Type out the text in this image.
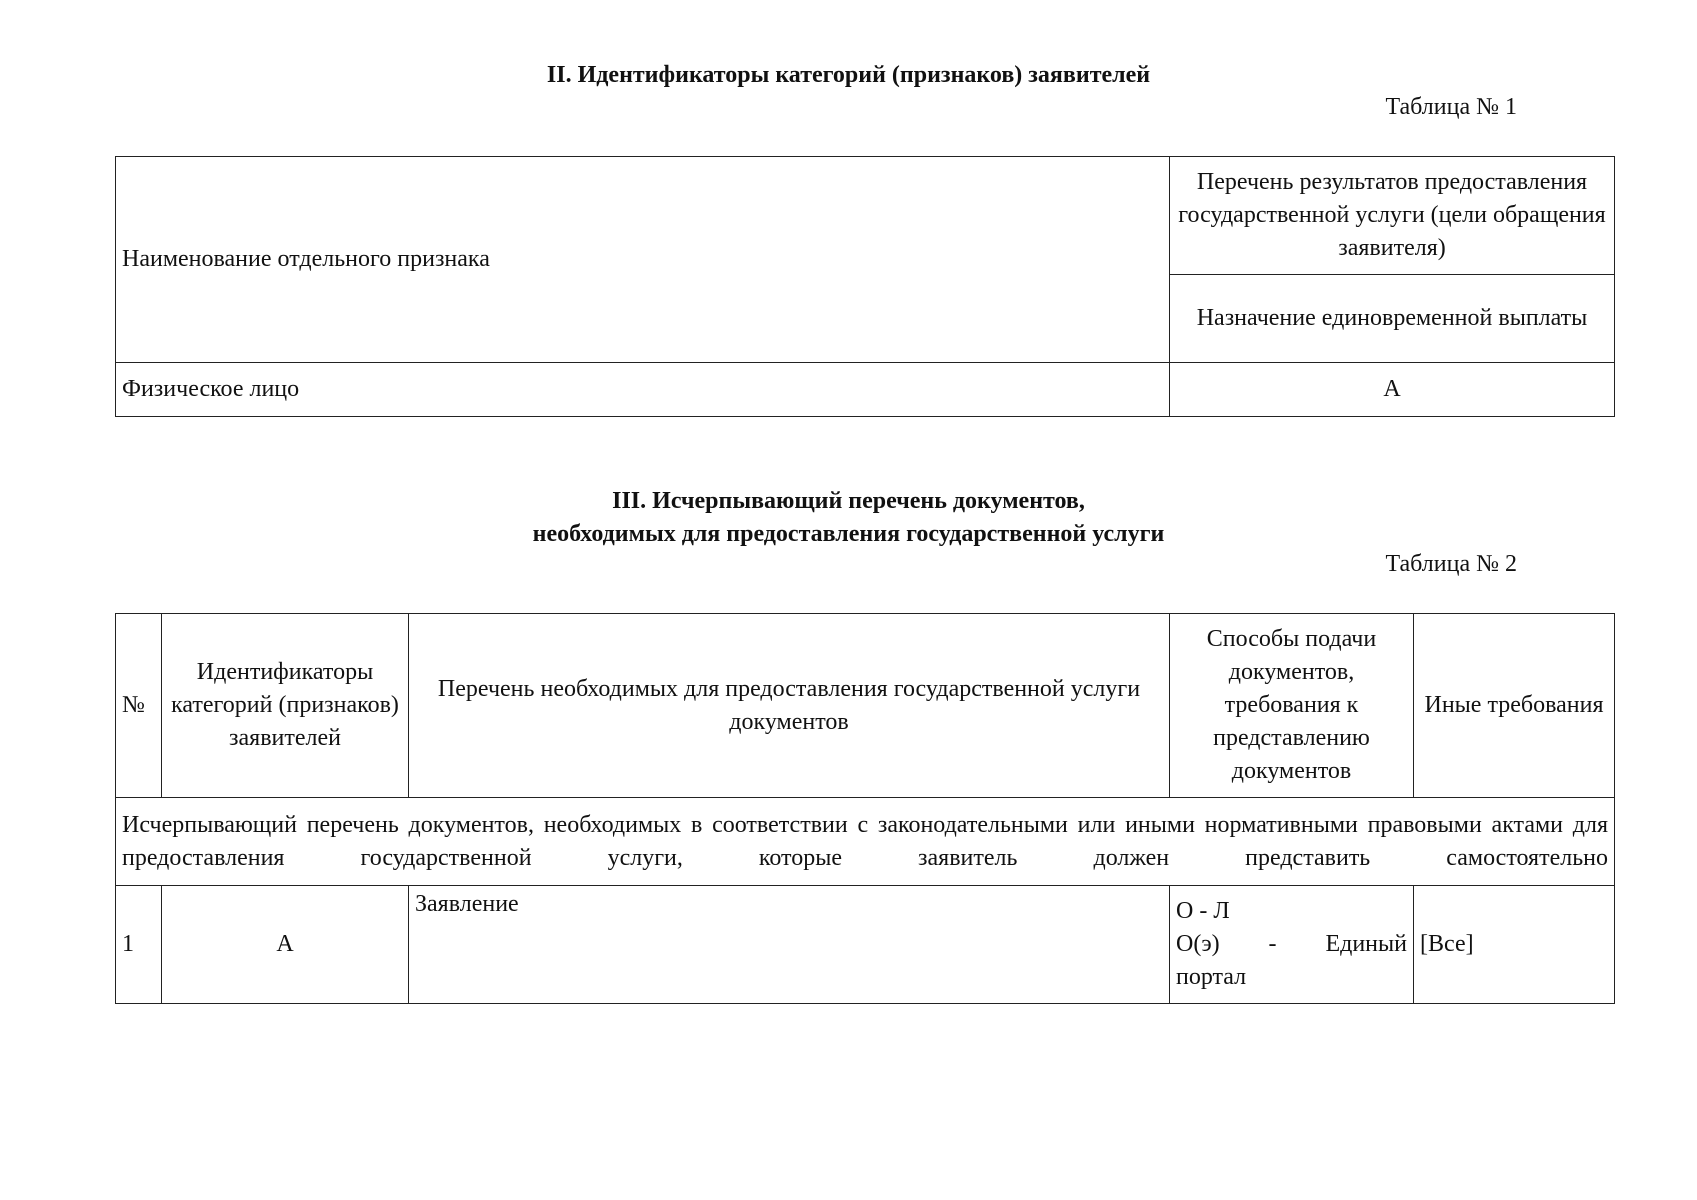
II. Идентификаторы категорий (признаков) заявителей
Таблица № 1
Наименование отдельного признака	Перечень результатов предоставления государственной услуги (цели обращения заявителя)
	Назначение единовременной выплаты
Физическое лицо	А
III. Исчерпывающий перечень документов,
необходимых для предоставления государственной услуги
Таблица № 2
№	Идентификаторы категорий (признаков) заявителей	Перечень необходимых для предоставления государственной услуги документов	Способы подачи документов, требования к представлению документов	Иные требования
Исчерпывающий перечень документов, необходимых в соответствии с законодательными или иными нормативными правовыми актами для предоставления государственной услуги, которые заявитель должен представить самостоятельно				
1	А	Заявление	О - Л
О(э) - Единый
портал	[Все]
